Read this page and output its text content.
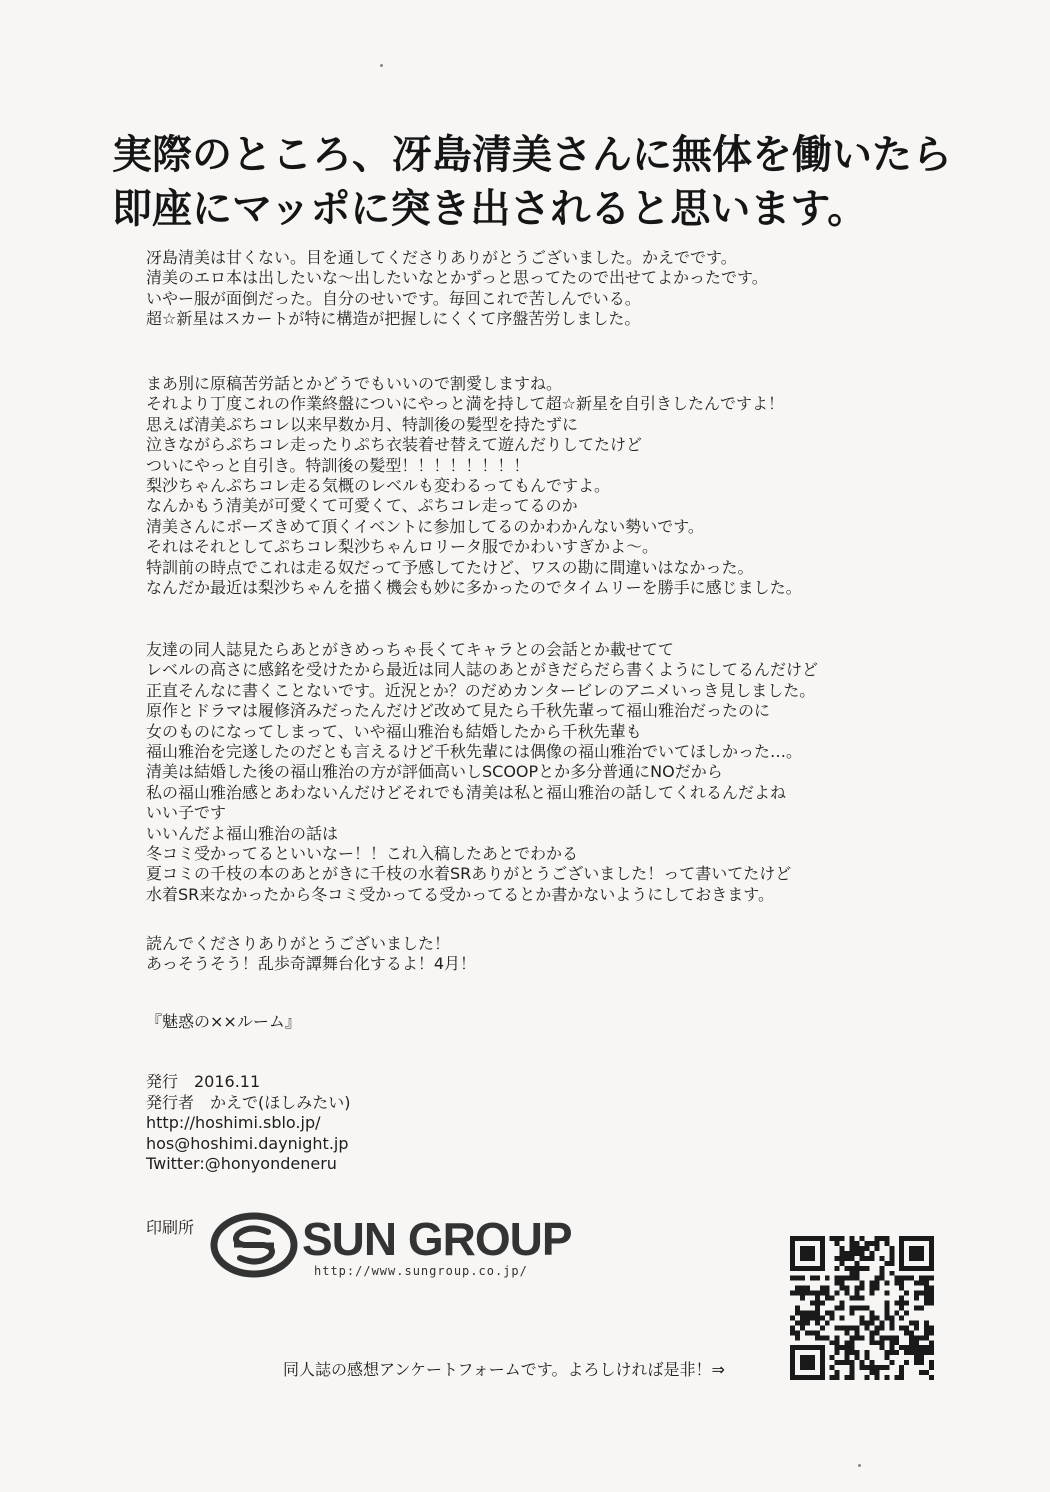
実際のところ、冴島清美さんに無体を働いたら
即座にマッポに突き出されると思います。
冴島清美は甘くない。目を通してくださりありがとうございました。かえでです。
清美のエロ本は出したいな〜出したいなとかずっと思ってたので出せてよかったです。
いやー服が面倒だった。自分のせいです。毎回これで苦しんでいる。
超☆新星はスカートが特に構造が把握しにくくて序盤苦労しました。
まあ別に原稿苦労話とかどうでもいいので割愛しますね。
それより丁度これの作業終盤についにやっと満を持して超☆新星を自引きしたんですよ！
思えば清美ぷちコレ以来早数か月、特訓後の髪型を持たずに
泣きながらぷちコレ走ったりぷち衣装着せ替えて遊んだりしてたけど
ついにやっと自引き。特訓後の髪型！！！！！！！！
梨沙ちゃんぷちコレ走る気概のレベルも変わるってもんですよ。
なんかもう清美が可愛くて可愛くて、ぷちコレ走ってるのか
清美さんにポーズきめて頂くイベントに参加してるのかわかんない勢いです。
それはそれとしてぷちコレ梨沙ちゃんロリータ服でかわいすぎかよ〜。
特訓前の時点でこれは走る奴だって予感してたけど、ワスの勘に間違いはなかった。
なんだか最近は梨沙ちゃんを描く機会も妙に多かったのでタイムリーを勝手に感じました。
友達の同人誌見たらあとがきめっちゃ長くてキャラとの会話とか載せてて
レベルの高さに感銘を受けたから最近は同人誌のあとがきだらだら書くようにしてるんだけど
正直そんなに書くことないです。近況とか？のだめカンタービレのアニメいっき見しました。
原作とドラマは履修済みだったんだけど改めて見たら千秋先輩って福山雅治だったのに
女のものになってしまって、いや福山雅治も結婚したから千秋先輩も
福山雅治を完遂したのだとも言えるけど千秋先輩には偶像の福山雅治でいてほしかった…。
清美は結婚した後の福山雅治の方が評価高いしSCOOPとか多分普通にNOだから
私の福山雅治感とあわないんだけどそれでも清美は私と福山雅治の話してくれるんだよね
いい子です
いいんだよ福山雅治の話は
冬コミ受かってるといいなー！！これ入稿したあとでわかる
夏コミの千枝の本のあとがきに千枝の水着SRありがとうございました！って書いてたけど
水着SR来なかったから冬コミ受かってる受かってるとか書かないようにしておきます。
読んでくださりありがとうございました！
あっそうそう！乱歩奇譚舞台化するよ！4月！
『魅惑の××ルーム』
発行　2016.11
発行者　かえで(ほしみたい)
http://hoshimi.sblo.jp/
hos@hoshimi.daynight.jp
Twitter:@honyondeneru
印刷所 SUN GROUP
http://www.sungroup.co.jp/
同人誌の感想アンケートフォームです。よろしければ是非！⇒
